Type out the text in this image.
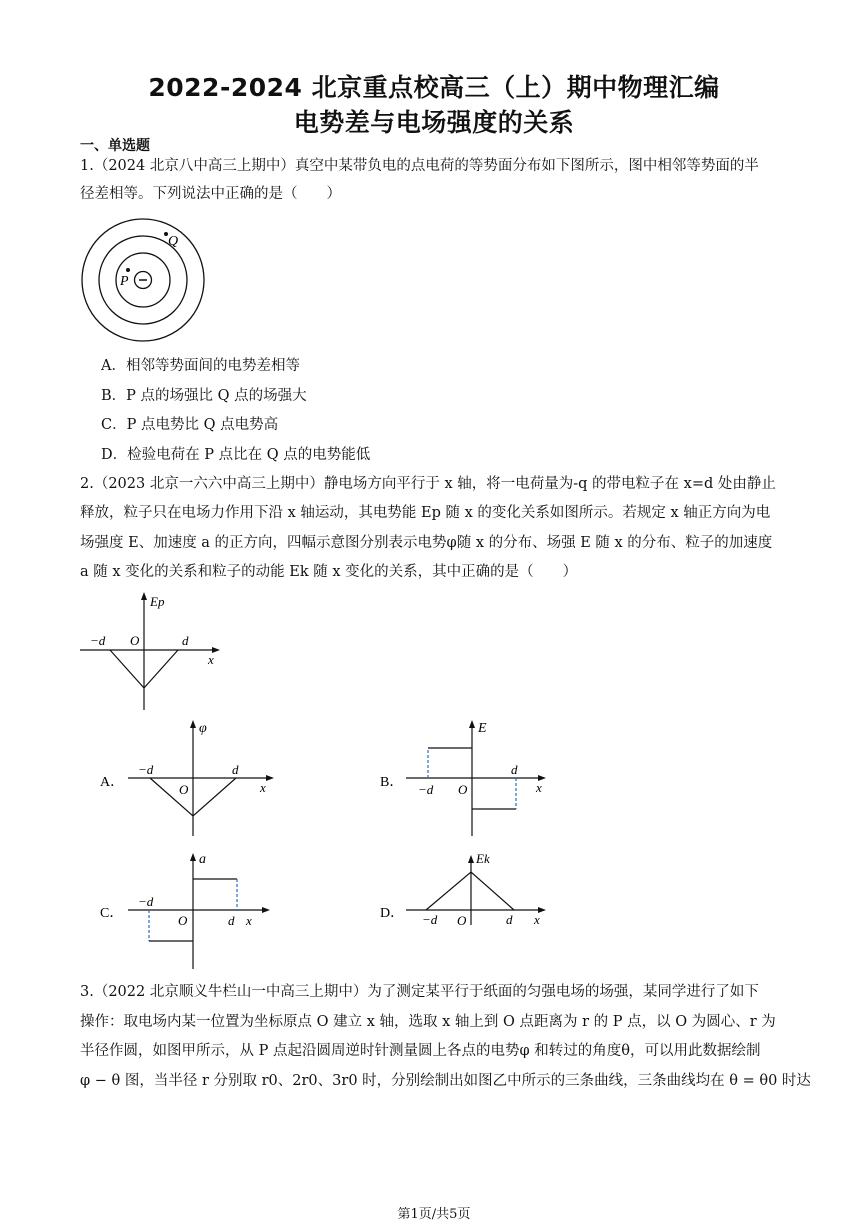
2022-2024 北京重点校高三（上）期中物理汇编
电势差与电场强度的关系
一、单选题
1.（2024 北京八中高三上期中）真空中某带负电的点电荷的等势面分布如下图所示，图中相邻等势面的半
径差相等。下列说法中正确的是（　　）
Q
P
A．相邻等势面间的电势差相等
B．P 点的场强比 Q 点的场强大
C．P 点电势比 Q 点电势高
D．检验电荷在 P 点比在 Q 点的电势能低
2.（2023 北京一六六中高三上期中）静电场方向平行于 x 轴，将一电荷量为-q 的带电粒子在 x=d 处由静止
释放，粒子只在电场力作用下沿 x 轴运动，其电势能 Ep 随 x 的变化关系如图所示。若规定 x 轴正方向为电
场强度 E、加速度 a 的正方向，四幅示意图分别表示电势φ随 x 的分布、场强 E 随 x 的分布、粒子的加速度
a 随 x 变化的关系和粒子的动能 Ek 随 x 变化的关系，其中正确的是（　　）
Ep
x
−d O	d
A．
φ
x
−d
O
d
B．
E
x
−d O
d
C．
a
x
−d
O	d	D．
Ek
x
−d O	d
3.（2022 北京顺义牛栏山一中高三上期中）为了测定某平行于纸面的匀强电场的场强，某同学进行了如下
操作：取电场内某一位置为坐标原点 O 建立 x 轴，选取 x 轴上到 O 点距离为 r 的 P 点，以 O 为圆心、r 为
半径作圆，如图甲所示，从 P 点起沿圆周逆时针测量圆上各点的电势φ 和转过的角度θ，可以用此数据绘制
φ − θ 图，当半径 r 分别取 r0、2r0、3r0 时，分别绘制出如图乙中所示的三条曲线，三条曲线均在 θ = θ0 时达
第1页/共5页
